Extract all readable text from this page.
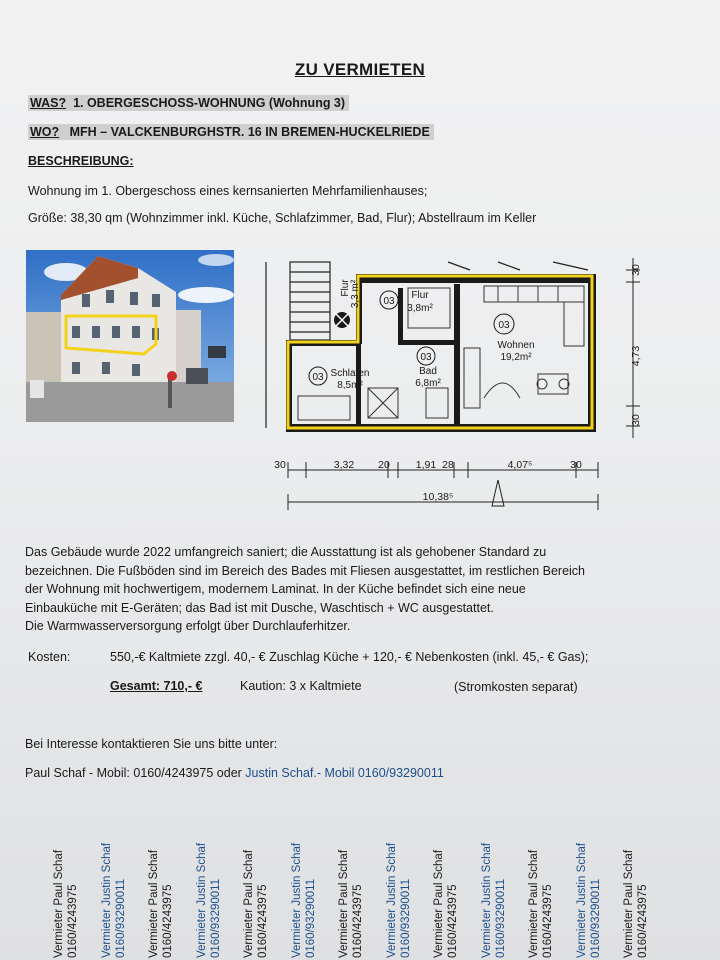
ZU VERMIETEN
WAS? 1. OBERGESCHOSS-WOHNUNG (Wohnung 3)
WO? MFH – VALCKENBURGHSTR. 16 IN BREMEN-HUCKELRIEDE
BESCHREIBUNG:
Wohnung im 1. Obergeschoss eines kernsanierten Mehrfamilienhauses;
Größe: 38,30 qm (Wohnzimmer inkl. Küche, Schlafzimmer, Bad, Flur); Abstellraum im Keller
Flur 3,3 m² 03
Flur
3,8m²
03
Wohnen
19,2m²
03 Schlafen
8,5m²
03
Bad
6,8m²
30
4,73
30
30	3,32 20 1,91 28	4,07⁵	30
10,38⁵
Das Gebäude wurde 2022 umfangreich saniert; die Ausstattung ist als gehobener Standard zu
bezeichnen. Die Fußböden sind im Bereich des Bades mit Fliesen ausgestattet, im restlichen Bereich
der Wohnung mit hochwertigem, modernem Laminat. In der Küche befindet sich eine neue
Einbauküche mit E-Geräten; das Bad ist mit Dusche, Waschtisch + WC ausgestattet.
Die Warmwasserversorgung erfolgt über Durchlauferhitzer.
Kosten:	550,-€ Kaltmiete zzgl. 40,- € Zuschlag Küche + 120,- € Nebenkosten (inkl. 45,- € Gas);
Gesamt: 710,- €	Kaution: 3 x Kaltmiete	(Stromkosten separat)
Bei Interesse kontaktieren Sie uns bitte unter:
Paul Schaf - Mobil: 0160/4243975 oder Justin Schaf.- Mobil 0160/93290011
Vermieter Paul Schaf 0160/4243975 Vermieter Justin Schaf 0160/93290011 Vermieter Paul Schaf 0160/4243975 Vermieter Justin Schaf 0160/93290011 Vermieter Paul Schaf 0160/4243975 Vermieter Justin Schaf 0160/93290011 Vermieter Paul Schaf 0160/4243975 Vermieter Justin Schaf 0160/93290011 Vermieter Paul Schaf 0160/4243975 Vermieter Justin Schaf 0160/93290011 Vermieter Paul Schaf 0160/4243975 Vermieter Justin Schaf 0160/93290011 Vermieter Paul Schaf 0160/4243975
